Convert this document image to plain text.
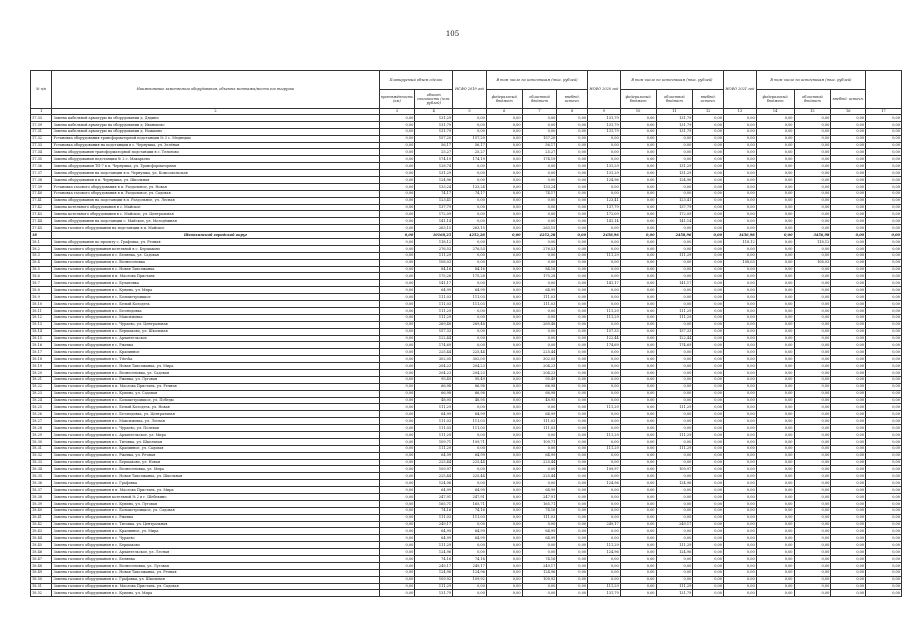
105
№ п/п	Наименование заменяемого оборудования, объекта монтажа/места его выгрузки	Планируемый объем сделок		НСФО 2019 год	В том числе по источникам (тыс. рублей)			НСФО 2020 год	В том числе по источникам (тыс. рублей)			НСФО 2021 год	В том числе по источникам (тыс. рублей)			
		протяжённость (км)	объект стоимости (млн. рублей)		федеральный бюджет	областной бюджет	внебюд. источн.		федеральный бюджет	областной бюджет	внебюд. источн.		федеральный бюджет	областной бюджет	внебюд. источн.	
1	2	3	4	5	6	7	8	9	10	11	12	13	14	15	16	17
17.33	Замена кабельной арматуры на оборудовании д. Дядино	0,00	131,29	0,00	0,00	0,00	0,00	131,79	0,00	131,79	0,00	0,00	0,00	0,00	0,00	0,00
17.39	Замена кабельной арматуры на оборудовании д. Иваньково	0,00	131,79	0,00	0,00	0,00	0,00	131,79	0,00	131,79	0,00	0,00	0,00	0,00	0,00	0,00
17.31	Замена кабельной арматуры на оборудовании д. Ножкино	0,00	131,79	0,00	0,00	0,00	0,00	131,79	0,00	131,79	0,00	0,00	0,00	0,00	0,00	0,00
17.32	Установка оборудования трансформаторной подстанции № 3 с. Медведки	0,00	157,20	157,20	0,00	157,20	0,00	0,00	0,00	0,00	0,00	0,00	0,00	0,00	0,00	0,00
17.33	Установка оборудования на подстанции в с. Чернушка, ул. Зелёная	0,00	56,17	56,17	0,00	56,17	0,00	0,00	0,00	0,00	0,00	0,00	0,00	0,00	0,00	0,00
17.34	Замена оборудования трансформаторной подстанции в с. Тельново	0,00	25,27	25,27	0,00	25,27	0,00	0,00	0,00	0,00	0,00	0,00	0,00	0,00	0,00	0,00
17.35	Замена оборудования подстанции № 2 с. Макарьево	0,00	174,19	174,19	0,00	174,19	0,00	0,00	0,00	0,00	0,00	0,00	0,00	0,00	0,00	0,00
17.36	Замена оборудования ТП-7 в п. Чернушка, ул. Трансформаторная	0,00	128,74	0,00	0,00	0,00	0,00	131,29	0,00	131,29	0,00	0,00	0,00	0,00	0,00	0,00
17.37	Замена оборудования на подстанции в п. Чернушка, ул. Комсомольская	0,00	131,29	0,00	0,00	0,00	0,00	131,29	0,00	131,29	0,00	0,00	0,00	0,00	0,00	0,00
17.38	Замена оборудования в п. Чернушка, ул. Школьная	0,00	124,96	0,00	0,00	0,00	0,00	124,96	0,00	124,96	0,00	0,00	0,00	0,00	0,00	0,00
17.39	Установка газового оборудования в п. Раздольное, ул. Новая	0,00	133,24	133,24	0,00	133,24	0,00	0,00	0,00	0,00	0,00	0,00	0,00	0,00	0,00	0,00
17.40	Установка газового оборудования в п. Раздольное, ул. Садовая	0,00	74,17	74,17	0,00	74,17	0,00	0,00	0,00	0,00	0,00	0,00	0,00	0,00	0,00	0,00
17.41	Замена оборудования на подстанции в п. Раздольное, ул. Лесная	0,00	123,41	0,00	0,00	0,00	0,00	123,41	0,00	123,41	0,00	0,00	0,00	0,00	0,00	0,00
17.42	Замена котельного оборудования в с. Майское	0,00	137,79	0,00	0,00	0,00	0,00	137,79	0,00	137,79	0,00	0,00	0,00	0,00	0,00	0,00
17.43	Замена котельного оборудования в с. Майское, ул. Центральная	0,00	172,09	0,00	0,00	0,00	0,00	172,09	0,00	172,09	0,00	0,00	0,00	0,00	0,00	0,00
17.44	Замена оборудования на подстанции с. Майское, ул. Молодёжная	0,00	141,14	0,00	0,00	0,00	0,00	141,14	0,00	141,14	0,00	0,00	0,00	0,00	0,00	0,00
17.45	Замена газового оборудования на подстанции в п. Майское	0,00	263,15	263,15	0,00	263,15	0,00	0,00	0,00	0,00	0,00	0,00	0,00	0,00	0,00	0,00
18	Шебекинский городской округ	0,00	10168,25	4252,28	0,00	4252,28	0,00	2458,96	0,00	2458,96	0,00	3456,98	0,00	3456,98	0,00	0,00
18.1	Замена оборудования по проекту с. Графовка, ул. Речная	0,00	118,12	0,00	0,00	0,00	0,00	0,00	0,00	0,00	0,00	118,12	0,00	118,12	0,00	0,00
18.2	Замена газового оборудования котельной в с. Бершаково	0,00	276,53	276,53	0,00	276,53	0,00	0,00	0,00	0,00	0,00	0,00	0,00	0,00	0,00	0,00
18.3	Замена газового оборудования в с. Белянка, ул. Садовая	0,00	111,29	0,00	0,00	0,00	0,00	111,29	0,00	111,29	0,00	0,00	0,00	0,00	0,00	0,00
18.4	Замена газового оборудования в с. Вознесеновка	0,00	108,03	0,00	0,00	0,00	0,00	0,00	0,00	0,00	0,00	108,03	0,00	108,03	0,00	0,00
18.5	Замена газового оборудования в с. Новая Таволжанка	0,00	84,16	84,16	0,00	84,16	0,00	0,00	0,00	0,00	0,00	0,00	0,00	0,00	0,00	0,00
18.6	Замена газового оборудования в п. Маслова Пристань	0,00	175,28	175,28	0,00	175,28	0,00	0,00	0,00	0,00	0,00	0,00	0,00	0,00	0,00	0,00
18.7	Замена газового оборудования в с. Булановка	0,00	141,17	0,00	0,00	0,00	0,00	141,17	0,00	141,17	0,00	0,00	0,00	0,00	0,00	0,00
18.8	Замена газового оборудования в с. Купино, ул. Мира	0,00	64,99	64,99	0,00	64,99	0,00	0,00	0,00	0,00	0,00	0,00	0,00	0,00	0,00	0,00
18.9	Замена газового оборудования в с. Большетроицкое	0,00	111,03	111,03	0,00	111,03	0,00	0,00	0,00	0,00	0,00	0,00	0,00	0,00	0,00	0,00
18.10	Замена газового оборудования в с. Белый Колодезь	0,00	111,03	111,03	0,00	111,03	0,00	0,00	0,00	0,00	0,00	0,00	0,00	0,00	0,00	0,00
18.11	Замена газового оборудования в с. Безлюдовка	0,00	111,29	0,00	0,00	0,00	0,00	111,29	0,00	111,29	0,00	0,00	0,00	0,00	0,00	0,00
18.12	Замена газового оборудования в с. Максимовка	0,00	111,29	0,00	0,00	0,00	0,00	111,29	0,00	111,29	0,00	0,00	0,00	0,00	0,00	0,00
18.13	Замена газового оборудования в с. Чураево, ул. Центральная	0,00	269,48	269,48	0,00	269,48	0,00	0,00	0,00	0,00	0,00	0,00	0,00	0,00	0,00	0,00
18.14	Замена газового оборудования в с. Бершаково, ул. Школьная	0,00	157,33	0,00	0,00	0,00	0,00	157,33	0,00	157,33	0,00	0,00	0,00	0,00	0,00	0,00
18.15	Замена газового оборудования в с. Архангельское	0,00	122,44	0,00	0,00	0,00	0,00	122,44	0,00	122,44	0,00	0,00	0,00	0,00	0,00	0,00
18.16	Замена газового оборудования в с. Ржевка	0,00	174,69	0,00	0,00	0,00	0,00	174,69	0,00	174,69	0,00	0,00	0,00	0,00	0,00	0,00
18.17	Замена газового оборудования в с. Крапивное	0,00	225,44	225,44	0,00	225,44	0,00	0,00	0,00	0,00	0,00	0,00	0,00	0,00	0,00	0,00
18.18	Замена газового оборудования в с. Titovka	0,00	302,05	302,05	0,00	302,05	0,00	0,00	0,00	0,00	0,00	0,00	0,00	0,00	0,00	0,00
18.19	Замена газового оборудования в с. Новая Таволжанка, ул. Мира	0,00	204,23	204,23	0,00	204,23	0,00	0,00	0,00	0,00	0,00	0,00	0,00	0,00	0,00	0,00
18.20	Замена газового оборудования в с. Вознесеновка, ул. Садовая	0,00	204,23	204,23	0,00	204,23	0,00	0,00	0,00	0,00	0,00	0,00	0,00	0,00	0,00	0,00
18.21	Замена газового оборудования в с. Ржевка, ул. Луговая	0,00	95,49	95,49	0,00	95,49	0,00	0,00	0,00	0,00	0,00	0,00	0,00	0,00	0,00	0,00
18.22	Замена газового оборудования в п. Маслова Пристань, ул. Речная	0,00	66,98	66,98	0,00	66,98	0,00	0,00	0,00	0,00	0,00	0,00	0,00	0,00	0,00	0,00
18.23	Замена газового оборудования в с. Купино, ул. Садовая	0,00	66,98	66,98	0,00	66,98	0,00	0,00	0,00	0,00	0,00	0,00	0,00	0,00	0,00	0,00
18.24	Замена газового оборудования в с. Большетроицкое, ул. Победы	0,00	48,95	48,95	0,00	48,95	0,00	0,00	0,00	0,00	0,00	0,00	0,00	0,00	0,00	0,00
18.25	Замена газового оборудования в с. Белый Колодезь, ул. Новая	0,00	111,29	0,00	0,00	0,00	0,00	111,29	0,00	111,29	0,00	0,00	0,00	0,00	0,00	0,00
18.26	Замена газового оборудования в с. Безлюдовка, ул. Центральная	0,00	64,99	64,99	0,00	64,99	0,00	0,00	0,00	0,00	0,00	0,00	0,00	0,00	0,00	0,00
18.27	Замена газового оборудования в с. Максимовка, ул. Лесная	0,00	111,03	111,03	0,00	111,03	0,00	0,00	0,00	0,00	0,00	0,00	0,00	0,00	0,00	0,00
18.28	Замена газового оборудования в с. Чураево, ул. Полевая	0,00	111,03	111,03	0,00	111,03	0,00	0,00	0,00	0,00	0,00	0,00	0,00	0,00	0,00	0,00
18.29	Замена газового оборудования в с. Архангельское, ул. Мира	0,00	111,29	0,00	0,00	0,00	0,00	111,29	0,00	111,29	0,00	0,00	0,00	0,00	0,00	0,00
18.30	Замена газового оборудования в с. Титовка, ул. Школьная	0,00	109,71	109,71	0,00	109,71	0,00	0,00	0,00	0,00	0,00	0,00	0,00	0,00	0,00	0,00
18.31	Замена газового оборудования в с. Крапивное, ул. Садовая	0,00	111,29	0,00	0,00	0,00	0,00	111,29	0,00	111,29	0,00	0,00	0,00	0,00	0,00	0,00
18.32	Замена газового оборудования в с. Ржевка, ул. Речная	0,00	64,99	64,99	0,00	64,99	0,00	0,00	0,00	0,00	0,00	0,00	0,00	0,00	0,00	0,00
18.33	Замена газового оборудования в с. Бершаково, ул. Новая	0,00	225,44	225,44	0,00	225,44	0,00	0,00	0,00	0,00	0,00	0,00	0,00	0,00	0,00	0,00
18.34	Замена газового оборудования в с. Вознесеновка, ул. Мира	0,00	109,97	0,00	0,00	0,00	0,00	109,97	0,00	109,97	0,00	0,00	0,00	0,00	0,00	0,00
18.35	Замена газового оборудования в с. Новая Таволжанка, ул. Школьная	0,00	225,44	225,44	0,00	225,44	0,00	0,00	0,00	0,00	0,00	0,00	0,00	0,00	0,00	0,00
18.36	Замена газового оборудования в с. Графовка	0,00	124,96	0,00	0,00	0,00	0,00	124,96	0,00	124,96	0,00	0,00	0,00	0,00	0,00	0,00
18.37	Замена газового оборудования в п. Маслова Пристань, ул. Мира	0,00	64,99	64,99	0,00	64,99	0,00	0,00	0,00	0,00	0,00	0,00	0,00	0,00	0,00	0,00
18.38	Замена газового оборудования котельной № 2 в г. Шебекино	0,00	247,91	247,91	0,00	247,91	0,00	0,00	0,00	0,00	0,00	0,00	0,00	0,00	0,00	0,00
18.39	Замена газового оборудования в с. Купино, ул. Луговая	0,00	165,71	165,71	0,00	165,71	0,00	0,00	0,00	0,00	0,00	0,00	0,00	0,00	0,00	0,00
18.40	Замена газового оборудования в с. Большетроицкое, ул. Садовая	0,00	74,16	74,16	0,00	74,16	0,00	0,00	0,00	0,00	0,00	0,00	0,00	0,00	0,00	0,00
18.41	Замена газового оборудования в с. Ржевка	0,00	111,03	111,03	0,00	111,03	0,00	0,00	0,00	0,00	0,00	0,00	0,00	0,00	0,00	0,00
18.42	Замена газового оборудования в с. Титовка, ул. Центральная	0,00	249,17	0,00	0,00	0,00	0,00	249,17	0,00	249,17	0,00	0,00	0,00	0,00	0,00	0,00
18.43	Замена газового оборудования в с. Крапивное, ул. Мира	0,00	64,99	64,99	0,00	64,99	0,00	0,00	0,00	0,00	0,00	0,00	0,00	0,00	0,00	0,00
18.44	Замена газового оборудования в с. Чураево	0,00	64,99	64,99	0,00	64,99	0,00	0,00	0,00	0,00	0,00	0,00	0,00	0,00	0,00	0,00
18.45	Замена газового оборудования в с. Бершаково	0,00	111,29	0,00	0,00	0,00	0,00	111,29	0,00	111,29	0,00	0,00	0,00	0,00	0,00	0,00
18.46	Замена газового оборудования в с. Архангельское, ул. Лесная	0,00	124,96	0,00	0,00	0,00	0,00	124,96	0,00	124,96	0,00	0,00	0,00	0,00	0,00	0,00
18.47	Замена газового оборудования в с. Белянка	0,00	74,16	74,16	0,00	74,16	0,00	0,00	0,00	0,00	0,00	0,00	0,00	0,00	0,00	0,00
18.48	Замена газового оборудования в с. Вознесеновка, ул. Луговая	0,00	249,17	249,17	0,00	249,17	0,00	0,00	0,00	0,00	0,00	0,00	0,00	0,00	0,00	0,00
18.49	Замена газового оборудования в с. Новая Таволжанка, ул. Речная	0,00	124,96	124,96	0,00	124,96	0,00	0,00	0,00	0,00	0,00	0,00	0,00	0,00	0,00	0,00
18.50	Замена газового оборудования в с. Графовка, ул. Школьная	0,00	109,92	109,92	0,00	109,92	0,00	0,00	0,00	0,00	0,00	0,00	0,00	0,00	0,00	0,00
18.51	Замена газового оборудования в п. Маслова Пристань, ул. Садовая	0,00	111,29	0,00	0,00	0,00	0,00	111,29	0,00	111,29	0,00	0,00	0,00	0,00	0,00	0,00
18.52	Замена газового оборудования в с. Купино, ул. Мира	0,00	131,79	0,00	0,00	0,00	0,00	131,79	0,00	131,79	0,00	0,00	0,00	0,00	0,00	0,00
